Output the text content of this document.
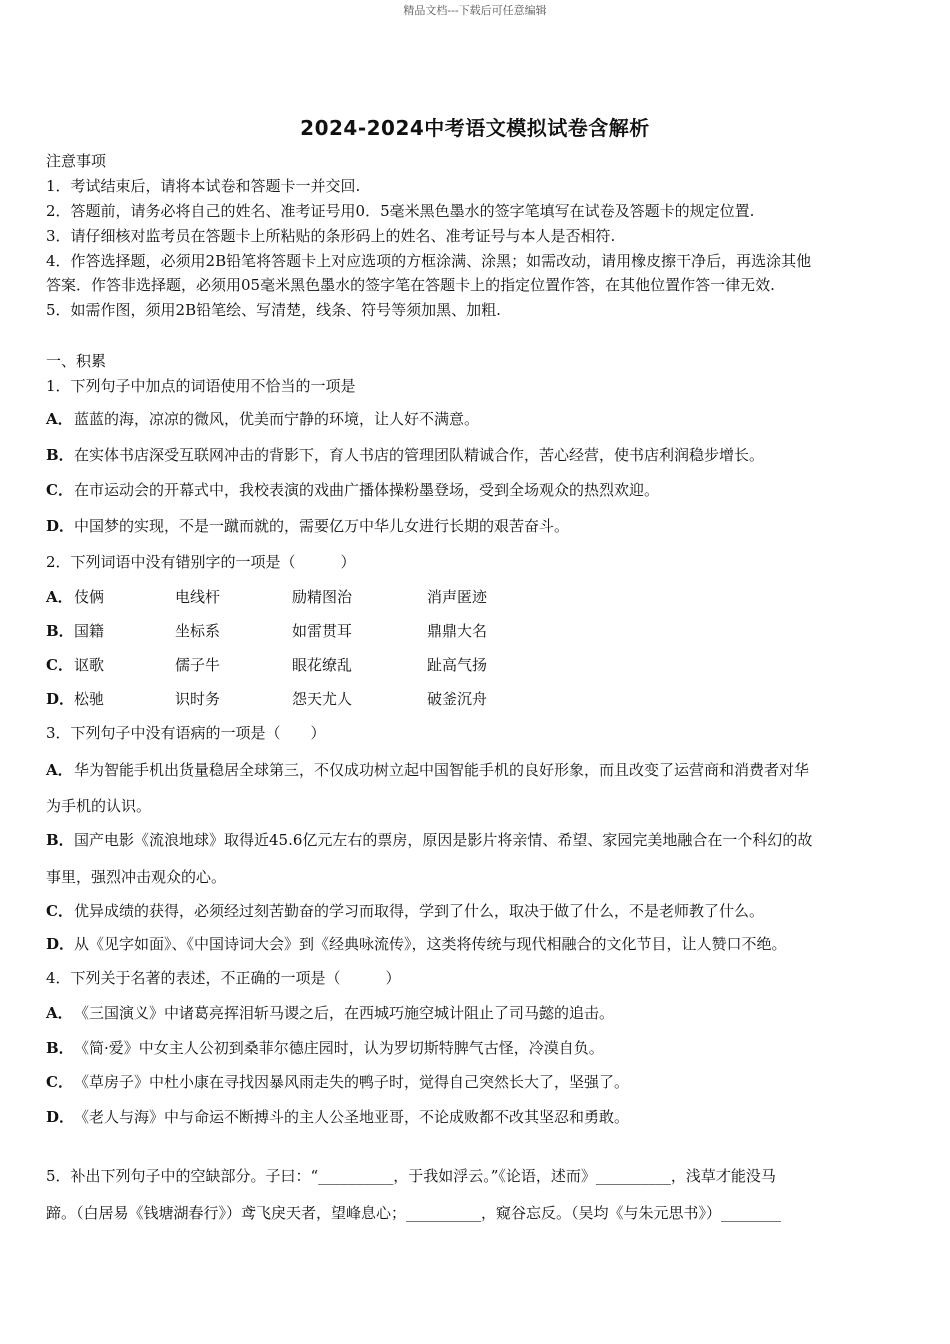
精品文档---下载后可任意编辑
2024-2024中考语文模拟试卷含解析
注意事项
1．考试结束后，请将本试卷和答题卡一并交回.
2．答题前，请务必将自己的姓名、准考证号用0．5毫米黑色墨水的签字笔填写在试卷及答题卡的规定位置.
3．请仔细核对监考员在答题卡上所粘贴的条形码上的姓名、准考证号与本人是否相符.
4．作答选择题，必须用2B铅笔将答题卡上对应选项的方框涂满、涂黑；如需改动，请用橡皮擦干净后，再选涂其他
答案．作答非选择题，必须用05毫米黑色墨水的签字笔在答题卡上的指定位置作答，在其他位置作答一律无效.
5．如需作图，须用2B铅笔绘、写清楚，线条、符号等须加黑、加粗.
一、积累
1．下列句子中加点的词语使用不恰当的一项是
A．蓝蓝的海，凉凉的微风，优美而宁静的环境，让人好不满意。
B．在实体书店深受互联网冲击的背影下，育人书店的管理团队精诚合作，苦心经营，使书店利润稳步增长。
C．在市运动会的开幕式中，我校表演的戏曲广播体操粉墨登场，受到全场观众的热烈欢迎。
D．中国梦的实现，不是一蹴而就的，需要亿万中华儿女进行长期的艰苦奋斗。
2．下列词语中没有错别字的一项是（　　　）
A．伎俩	电线杆	励精图治	消声匿迹
B．国籍	坐标系	如雷贯耳	鼎鼎大名
C．讴歌	儒子牛	眼花缭乱	趾高气扬
D．松驰	识时务	怨天尤人	破釜沉舟
3．下列句子中没有语病的一项是（　　）
A．华为智能手机出货量稳居全球第三，不仅成功树立起中国智能手机的良好形象，而且改变了运营商和消费者对华
为手机的认识。
B．国产电影《流浪地球》取得近45.6亿元左右的票房，原因是影片将亲情、希望、家园完美地融合在一个科幻的故
事里，强烈冲击观众的心。
C．优异成绩的获得，必须经过刻苦勤奋的学习而取得，学到了什么，取决于做了什么，不是老师教了什么。
D．从《见字如面》、《中国诗词大会》到《经典咏流传》，这类将传统与现代相融合的文化节目，让人赞口不绝。
4．下列关于名著的表述，不正确的一项是（　　　）
A．《三国演义》中诸葛亮挥泪斩马谡之后，在西城巧施空城计阻止了司马懿的追击。
B．《简·爱》中女主人公初到桑菲尔德庄园时，认为罗切斯特脾气古怪，冷漠自负。
C．《草房子》中杜小康在寻找因暴风雨走失的鸭子时，觉得自己突然长大了，坚强了。
D．《老人与海》中与命运不断搏斗的主人公圣地亚哥，不论成败都不改其坚忍和勇敢。
5．补出下列句子中的空缺部分。子曰：“__________，于我如浮云。”《论语，述而》__________，浅草才能没马
蹄。（白居易《钱塘湖春行》）鸢飞戾天者，望峰息心；__________，窥谷忘反。（吴均《与朱元思书》）________
